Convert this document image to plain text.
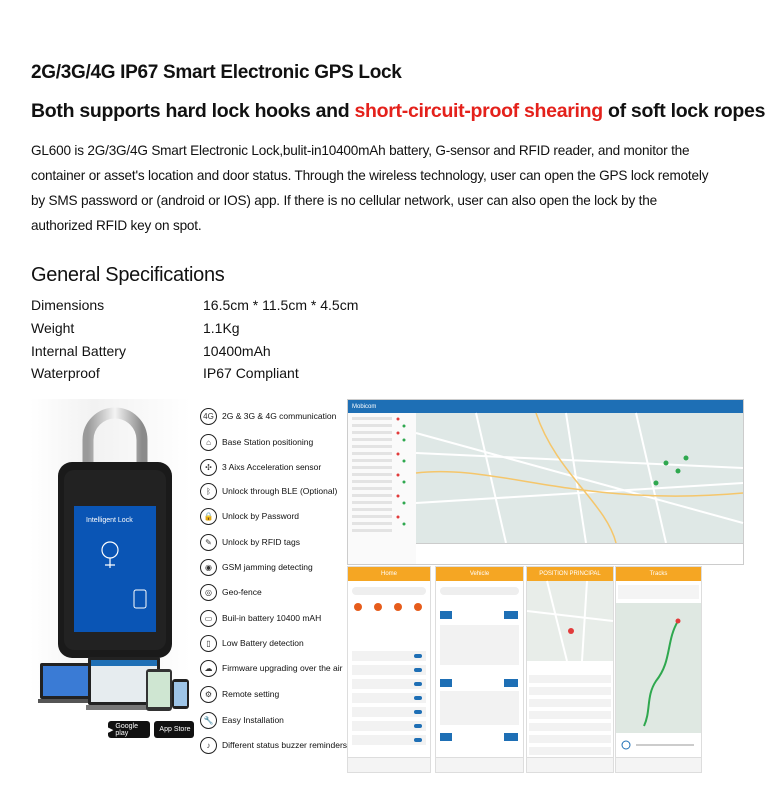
2G/3G/4G IP67 Smart Electronic GPS Lock
Both supports hard lock hooks and short-circuit-proof shearing of soft lock ropes
GL600 is 2G/3G/4G Smart Electronic Lock,bulit-in10400mAh battery, G-sensor and RFID reader, and monitor the container or asset's location and door status. Through the wireless technology, user can open the GPS lock remotely by SMS password or (android or IOS) app. If there is no cellular network, user can also open the lock by the authorized RFID key on spot.
General Specifications
Dimensions	16.5cm * 11.5cm * 4.5cm
Weight	1.1Kg
Internal Battery	10400mAh
Waterproof	IP67 Compliant
Intelligent Lock
▶
Google play	App Store
4G 2G & 3G & 4G communication
⌂	Base Station positioning
✣	3 Aixs Acceleration sensor
ᛒ	Unlock through BLE (Optional)
🔒	Unlock by Password
✎	Unlock by RFID tags
◉	GSM jamming detecting
◎	Geo-fence
▭	Buil-in battery 10400 mAH
▯	Low Battery detection
☁	Firmware upgrading over the air
⚙	Remote setting
🔧	Easy Installation
♪	Different status buzzer reminders
Mobicom
Home	Vehicle	POSITION PRINCIPAL	Tracks
